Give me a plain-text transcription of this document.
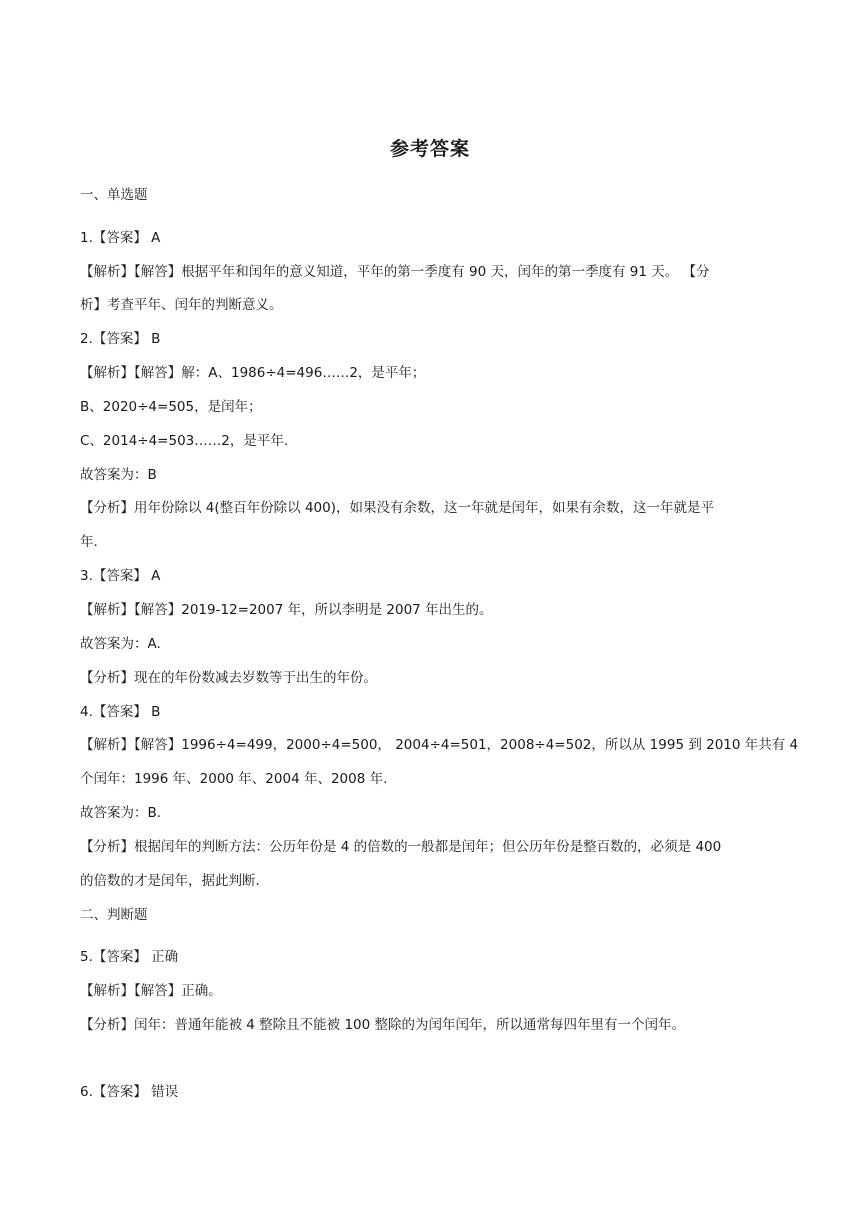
参考答案
一、单选题
1.【答案】 A
【解析】【解答】根据平年和闰年的意义知道，平年的第一季度有 90 天，闰年的第一季度有 91 天。 【分
析】考查平年、闰年的判断意义。
2.【答案】 B
【解析】【解答】解：A、1986÷4=496……2，是平年；
B、2020÷4=505，是闰年；
C、2014÷4=503……2，是平年.
故答案为：B
【分析】用年份除以 4(整百年份除以 400)，如果没有余数，这一年就是闰年，如果有余数，这一年就是平
年.
3.【答案】 A
【解析】【解答】2019-12=2007 年，所以李明是 2007 年出生的。
故答案为：A.
【分析】现在的年份数减去岁数等于出生的年份。
4.【答案】 B
【解析】【解答】1996÷4=499，2000÷4=500， 2004÷4=501，2008÷4=502，所以从 1995 到 2010 年共有 4
个闰年：1996 年、2000 年、2004 年、2008 年.
故答案为：B.
【分析】根据闰年的判断方法：公历年份是 4 的倍数的一般都是闰年；但公历年份是整百数的，必须是 400
的倍数的才是闰年，据此判断.
二、判断题
5.【答案】 正确
【解析】【解答】正确。
【分析】闰年：普通年能被 4 整除且不能被 100 整除的为闰年闰年，所以通常每四年里有一个闰年。
6.【答案】 错误
